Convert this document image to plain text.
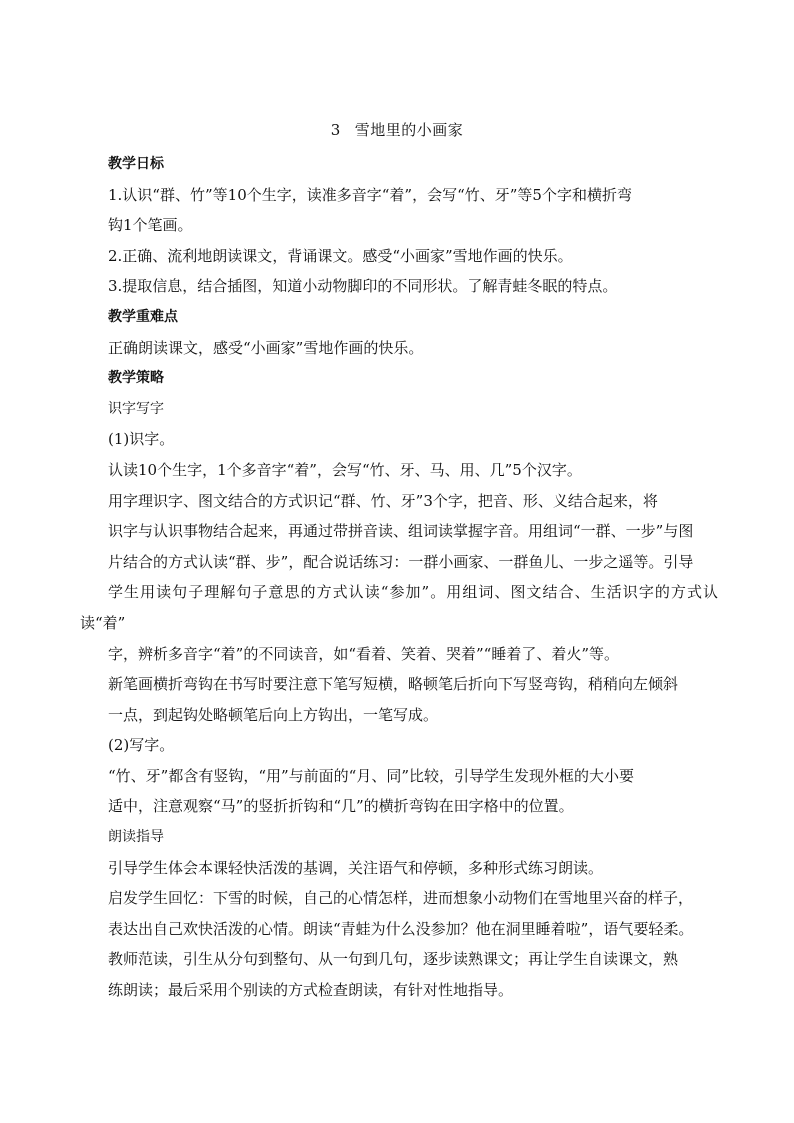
3 雪地里的小画家

教学日标

1.认识“群、竹”等10个生字，读准多音字“着”，会写“竹、牙”等5个字和横折弯

钩1个笔画。

2.正确、流利地朗读课文，背诵课文。感受“小画家”雪地作画的快乐。

3.提取信息，结合插图，知道小动物脚印的不同形状。了解青蛙冬眠的特点。

教学重难点

正确朗读课文，感受“小画家”雪地作画的快乐。

教学策略

识字写字

(1)识字。

认读10个生字，1个多音字“着”，会写“竹、牙、马、用、几”5个汉字。

用字理识字、图文结合的方式识记“群、竹、牙”3个字，把音、形、义结合起来，将

识字与认识事物结合起来，再通过带拼音读、组词读掌握字音。用组词“一群、一步”与图

片结合的方式认读“群、步”，配合说话练习：一群小画家、一群鱼儿、一步之遥等。引导

学生用读句子理解句子意思的方式认读“参加”。用组词、图文结合、生活识字的方式认读“着”

字，辨析多音字“着”的不同读音，如“看着、笑着、哭着”“睡着了、着火”等。

新笔画横折弯钩在书写时要注意下笔写短横，略顿笔后折向下写竖弯钩，稍稍向左倾斜

一点，到起钩处略顿笔后向上方钩出，一笔写成。

(2)写字。

“竹、牙”都含有竖钩，“用”与前面的“月、同”比较，引导学生发现外框的大小要

适中，注意观察“马”的竖折折钩和“几”的横折弯钩在田字格中的位置。

朗读指导

引导学生体会本课轻快活泼的基调，关注语气和停顿，多种形式练习朗读。

启发学生回忆：下雪的时候，自己的心情怎样，进而想象小动物们在雪地里兴奋的样子，

表达出自己欢快活泼的心情。朗读“青蛙为什么没参加？他在洞里睡着啦”，语气要轻柔。

教师范读，引生从分句到整句、从一句到几句，逐步读熟课文；再让学生自读课文，熟

练朗读；最后采用个别读的方式检查朗读，有针对性地指导。
